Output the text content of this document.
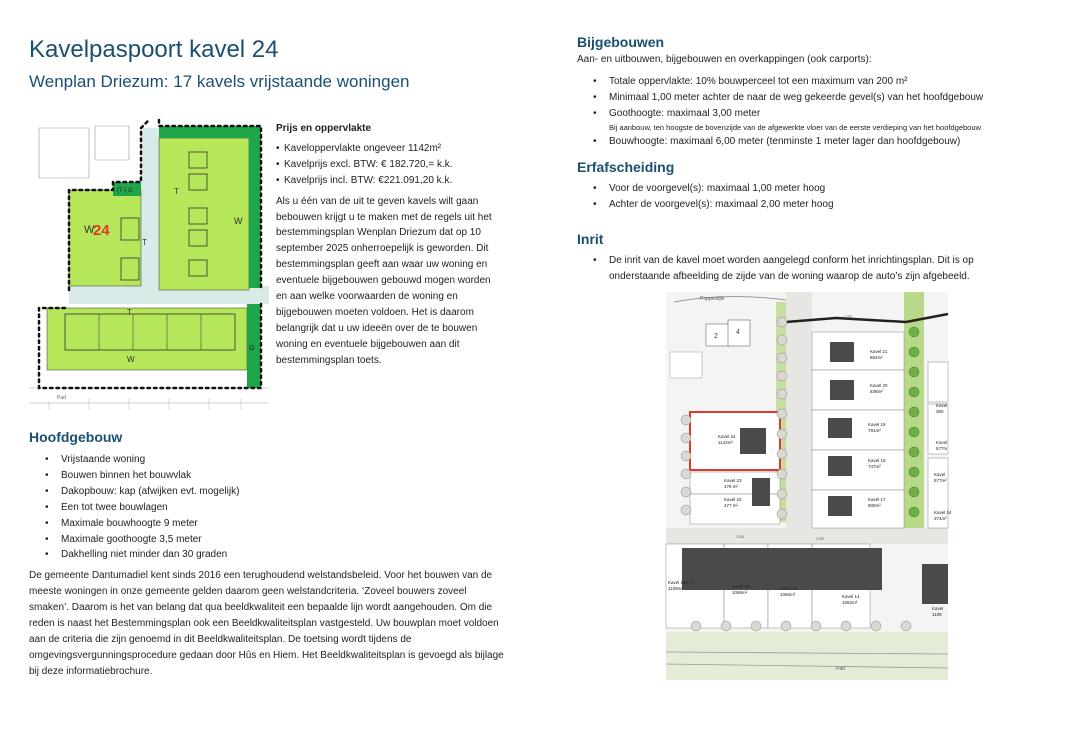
Kavelpaspoort kavel 24
Wenplan Driezum: 17 kavels vrijstaande woningen
W
24
W
T
T
T
W
(T-) G
G
Pad
Prijs en oppervlakte
• Kaveloppervlakte ongeveer 1142m²
• Kavelprijs excl. BTW: € 182.720,= k.k.
• Kavelprijs incl. BTW: €221.091,20 k.k.
Als u één van de uit te geven kavels wilt gaan bebouwen krijgt u te maken met de regels uit het bestemmingsplan Wenplan Driezum dat op 10 september 2025 onherroepelijk is geworden. Dit bestemmingsplan geeft aan waar uw woning en eventuele bijgebouwen gebouwd mogen worden en aan welke voorwaarden de woning en bijgebouwen moeten voldoen. Het is daarom belangrijk dat u uw ideeën over de te bouwen woning en eventuele bijgebouwen aan dit bestemmingsplan toets.
Hoofdgebouw
• Vrijstaande woning
• Bouwen binnen het bouwvlak
• Dakopbouw: kap (afwijken evt. mogelijk)
• Een tot twee bouwlagen
• Maximale bouwhoogte 9 meter
• Maximale goothoogte 3,5 meter
• Dakhelling niet minder dan 30 graden
De gemeente Dantumadiel kent sinds 2016 een terughoudend welstandsbeleid. Voor het bouwen van de meeste woningen in onze gemeente gelden daarom geen welstandcriteria. ‘Zoveel bouwers zoveel smaken’. Daarom is het van belang dat qua beeldkwaliteit een bepaalde lijn wordt aangehouden. Om die reden is naast het Bestemmingsplan ook een Beeldkwaliteitsplan vastgesteld. Uw bouwplan moet voldoen aan de criteria die zijn genoemd in dit Beeldkwaliteitsplan. De toetsing wordt tijdens de omgevingsvergunningsprocedure gedaan door Hûs en Hiem. Het Beeldkwaliteitsplan is gevoegd als bijlage bij deze informatiebrochure.
Bijgebouwen
Aan- en uitbouwen, bijgebouwen en overkappingen (ook carports):
• Totale oppervlakte: 10% bouwperceel tot een maximum van 200 m²
• Minimaal 1,00 meter achter de naar de weg gekeerde gevel(s) van het hoofdgebouw
• Goothoogte: maximaal 3,00 meter
Bij aanbouw, ten hoogste de bovenzijde van de afgewerkte vloer van de eerste verdieping van het hoofdgebouw
• Bouwhoogte: maximaal 6,00 meter (tenminste 1 meter lager dan hoofdgebouw)
Erfafscheiding
• Voor de voorgevel(s): maximaal 1,00 meter hoog
• Achter de voorgevel(s): maximaal 2,00 meter hoog
Inrit
• De inrit van de kavel moet worden aangelegd conform het inrichtingsplan. Dit is op onderstaande afbeelding de zijde van de woning waarop de auto’s zijn afgebeeld.
Poppestijle
2
4
Kavel 21
862m²
Kavel 20
836m²
Kavel 19
791m²
Kavel 18
747m²
Kavel 17
800m²
Kavel 24
1142m²
Kavel 23
476 m²
Kavel 22
477 m²
Kavel 16A, 7
1109m²	Kavel 16
1066m²
Kavel 15
1066m²	Kavel 14
1062m²
Kavel
350
Kavel
577m
Kavel
577m²
Kavel 34
374m²
Kavel
1109
1.55
1.55	1.55
Pad
